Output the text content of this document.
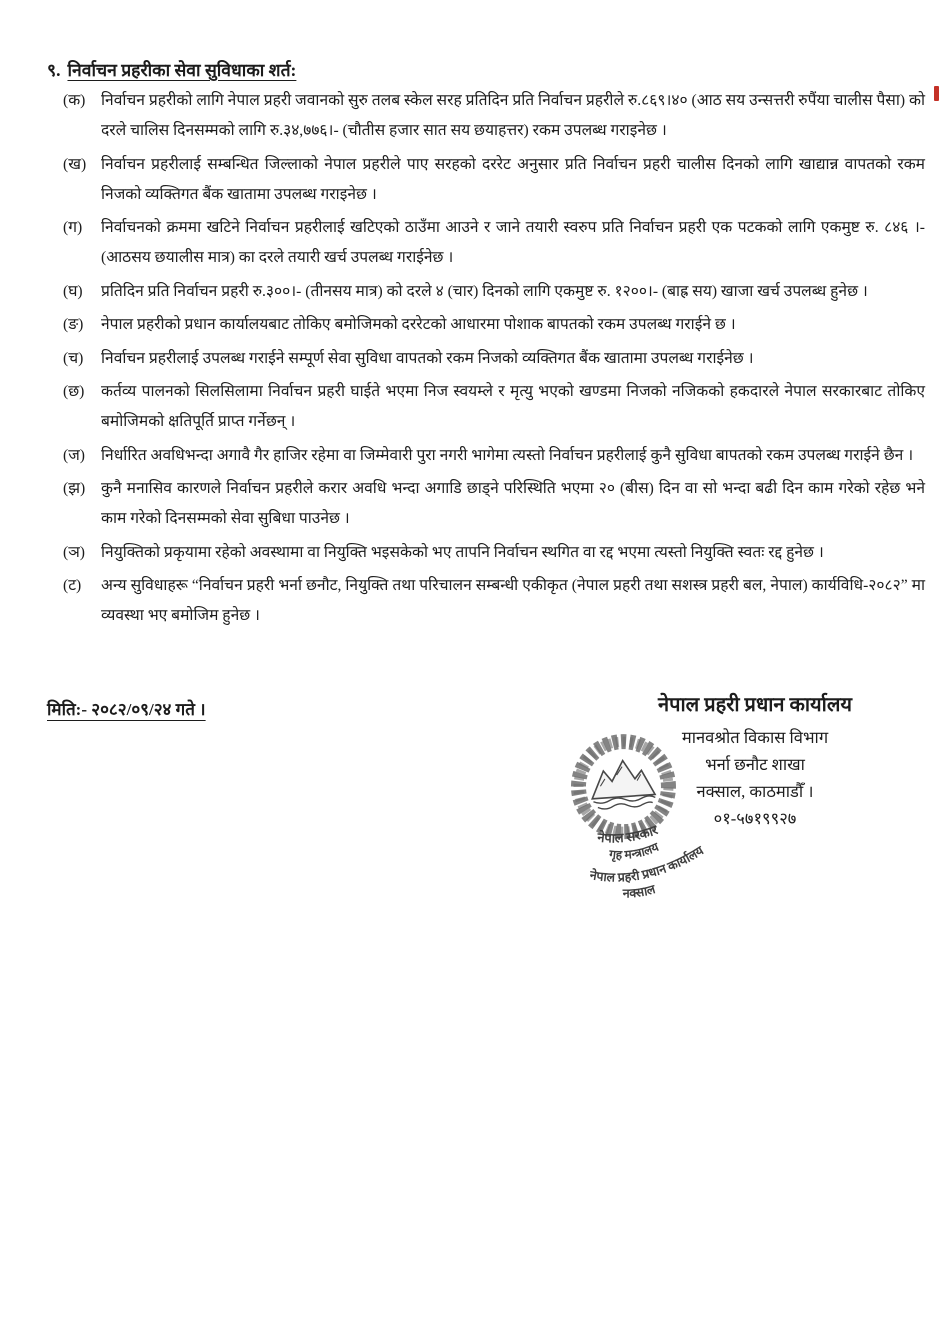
९. निर्वाचन प्रहरीका सेवा सुविधाका शर्त:
(क)	निर्वाचन प्रहरीको लागि नेपाल प्रहरी जवानको सुरु तलब स्केल सरह प्रतिदिन प्रति निर्वाचन प्रहरीले रु.८६९।४० (आठ सय उन्सत्तरी रुपैंया चालीस पैसा) को दरले चालिस दिनसम्मको लागि रु.३४,७७६।- (चौतीस हजार सात सय छयाहत्तर) रकम उपलब्ध गराइनेछ ।
(ख) निर्वाचन प्रहरीलाई सम्बन्धित जिल्लाको नेपाल प्रहरीले पाए सरहको दररेट अनुसार प्रति निर्वाचन प्रहरी चालीस दिनको लागि खाद्यान्न वापतको रकम निजको व्यक्तिगत बैंक खातामा उपलब्ध गराइनेछ ।
(ग)	निर्वाचनको क्रममा खटिने निर्वाचन प्रहरीलाई खटिएको ठाउँमा आउने र जाने तयारी स्वरुप प्रति निर्वाचन प्रहरी एक पटकको लागि एकमुष्ट रु. ८४६ ।- (आठसय छयालीस मात्र) का दरले तयारी खर्च उपलब्ध गराईनेछ ।
(घ)	प्रतिदिन प्रति निर्वाचन प्रहरी रु.३००।- (तीनसय मात्र) को दरले ४ (चार) दिनको लागि एकमुष्ट रु. १२००।- (बाह्र सय) खाजा खर्च उपलब्ध हुनेछ ।
(ङ)	नेपाल प्रहरीको प्रधान कार्यालयबाट तोकिए बमोजिमको दररेटको आधारमा पोशाक बापतको रकम उपलब्ध गराईने छ ।
(च)	निर्वाचन प्रहरीलाई उपलब्ध गराईने सम्पूर्ण सेवा सुविधा वापतको रकम निजको व्यक्तिगत बैंक खातामा उपलब्ध गराईनेछ ।
(छ)	कर्तव्य पालनको सिलसिलामा निर्वाचन प्रहरी घाईते भएमा निज स्वयम्ले र मृत्यु भएको खण्डमा निजको नजिकको हकदारले नेपाल सरकारबाट तोकिए बमोजिमको क्षतिपूर्ति प्राप्त गर्नेछन् ।
(ज)	निर्धारित अवधिभन्दा अगावै गैर हाजिर रहेमा वा जिम्मेवारी पुरा नगरी भागेमा त्यस्तो निर्वाचन प्रहरीलाई कुनै सुविधा बापतको रकम उपलब्ध गराईने छैन ।
(झ)	कुनै मनासिव कारणले निर्वाचन प्रहरीले करार अवधि भन्दा अगाडि छाड्ने परिस्थिति भएमा २० (बीस) दिन वा सो भन्दा बढी दिन काम गरेको रहेछ भने काम गरेको दिनसम्मको सेवा सुबिधा पाउनेछ ।
(ञ)	नियुक्तिको प्रकृयामा रहेको अवस्थामा वा नियुक्ति भइसकेको भए तापनि निर्वाचन स्थगित वा रद्द भएमा त्यस्तो नियुक्ति स्वतः रद्द हुनेछ ।
(ट)	अन्य सुविधाहरू “निर्वाचन प्रहरी भर्ना छनौट, नियुक्ति तथा परिचालन सम्बन्धी एकीकृत (नेपाल प्रहरी तथा सशस्त्र प्रहरी बल, नेपाल) कार्यविधि-२०८२” मा व्यवस्था भए बमोजिम हुनेछ ।
मिति:- २०८२/०९/२४ गते ।	नेपाल प्रहरी प्रधान कार्यालय
मानवश्रोत विकास विभाग
भर्ना छनौट शाखा
नक्साल, काठमाडौँ ।
०१-५७१९९२७
नेपाल सरकार
गृह मन्त्रालय
नेपाल प्रहरी प्रधान कार्यालय
नक्साल
